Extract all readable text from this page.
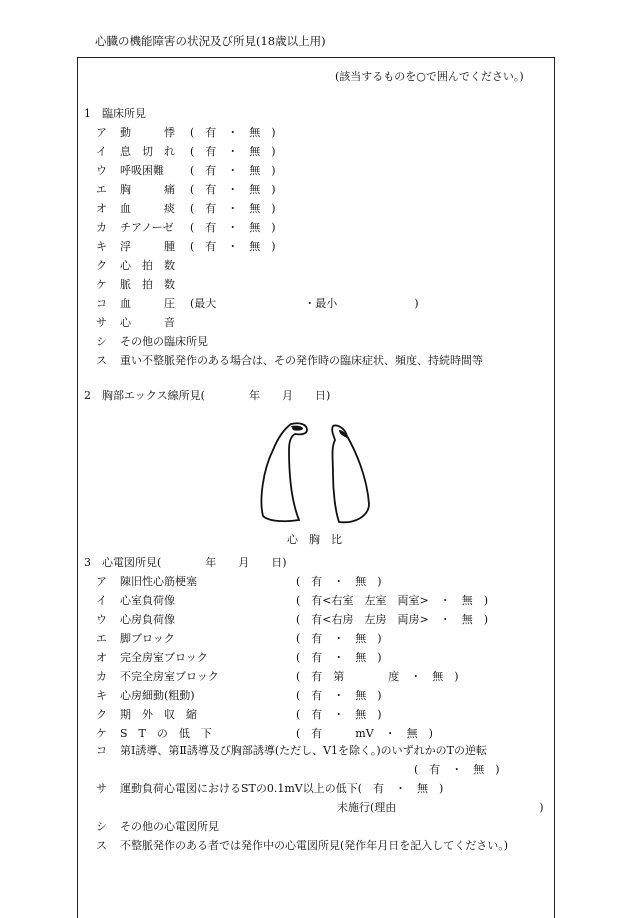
心臓の機能障害の状況及び所見(18歳以上用)
(該当するものを○で囲んでください。)
1　臨床所見
ア 動　　　悸 (　有　・　無　)
イ 息　切　れ (　有　・　無　)
ウ 呼吸困難 (　有　・　無　)
エ 胸　　　痛 (　有　・　無　)
オ 血　　　痰 (　有　・　無　)
カ チアノーゼ (　有　・　無　)
キ 浮　　　腫 (　有　・　無　)
ク 心　拍　数
ケ 脈　拍　数
コ 血　　　圧 (最大　　　　　　　　・最小　　　　　　　)
サ 心　　　音
シ その他の臨床所見
ス 重い不整脈発作のある場合は、その発作時の臨床症状、頻度、持続時間等
2　胸部エックス線所見(　　　　年　　月　　日)
心　胸　比
3　心電図所見(　　　　年　　月　　日)
ア 陳旧性心筋梗塞	(　有　・　無　)
イ 心室負荷像	(　有<右室　左室　両室>　・　無　)
ウ 心房負荷像	(　有<右房　左房　両房>　・　無　)
エ 脚ブロック	(　有　・　無　)
オ 完全房室ブロック	(　有　・　無　)
カ 不完全房室ブロック	(　有　第　　　　度　・　無　)
キ 心房細動(粗動)	(　有　・　無　)
ク 期　外　収　縮	(　有　・　無　)
ケ S　T　の　低　下	(　有　　　mV　・　無　)
コ 第Ⅰ誘導、第Ⅱ誘導及び胸部誘導(ただし、V1を除く。)のいずれかのTの逆転
(　有　・　無　)
サ 運動負荷心電図におけるSTの0.1mV以上の低下(　有　・　無　)
未施行(理由　　　　　　　　　　　　　)
シ その他の心電図所見
ス 不整脈発作のある者では発作中の心電図所見(発作年月日を記入してください。)
